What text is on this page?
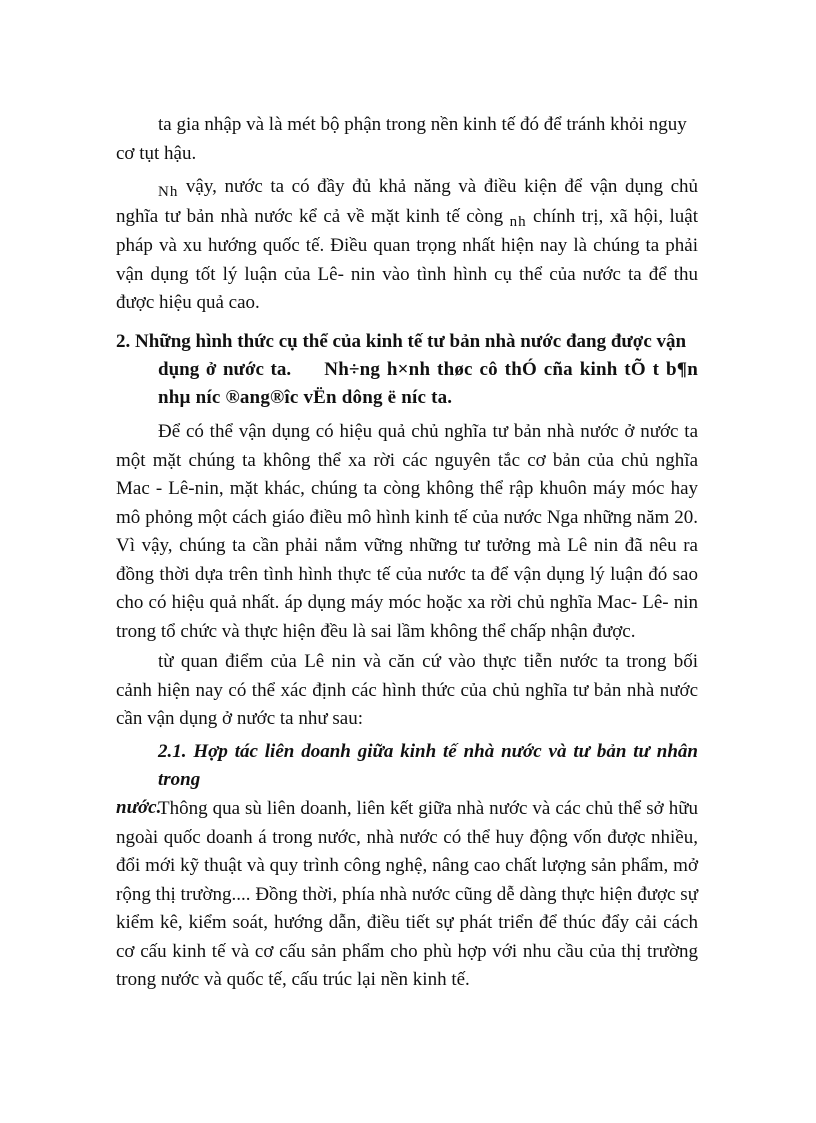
ta gia nhập và là mét bộ phận trong nền kinh tế đó để tránh khỏi nguy
cơ tụt hậu.
$_{Nh}$ vậy, nước ta có đầy đủ khả năng và điều kiện để vận dụng chủ nghĩa tư bản nhà nước kể cả về mặt kinh tế còng $_{nh}$ chính trị, xã hội, luật pháp và xu hướng quốc tế. Điều quan trọng nhất hiện nay là chúng ta phải vận dụng tốt lý luận của Lê- nin vào tình hình cụ thể của nước ta để thu được hiệu quả cao.
2. Những hình thức cụ thể của kinh tế tư bản nhà nước đang được vận
dụng ở nước ta. Nh÷ng h×nh thøc cô thÓ cña kinh tÕ t b¶n nhµ níc ®ang®îc vËn dông ë níc ta.
Để có thể vận dụng có hiệu quả chủ nghĩa tư bản nhà nước ở nước ta một mặt chúng ta không thể xa rời các nguyên tắc cơ bản của chủ nghĩa Mac - Lê-nin, mặt khác, chúng ta còng không thể rập khuôn máy móc hay mô phỏng một cách giáo điều mô hình kinh tế của nước Nga những năm 20. Vì vậy, chúng ta cần phải nắm vững những tư tưởng mà Lê nin đã nêu ra đồng thời dựa trên tình hình thực tế của nước ta để vận dụng lý luận đó sao cho có hiệu quả nhất. áp dụng máy móc hoặc xa rời chủ nghĩa Mac- Lê- nin trong tổ chức và thực hiện đều là sai lầm không thể chấp nhận được.
từ quan điểm của Lê nin và căn cứ vào thực tiễn nước ta trong bối cảnh hiện nay có thể xác định các hình thức của chủ nghĩa tư bản nhà nước cần vận dụng ở nước ta như sau:
2.1. Hợp tác liên doanh giữa kinh tế nhà nước và tư bản tư nhân trong
nước.
Thông qua sù liên doanh, liên kết giữa nhà nước và các chủ thể sở hữu ngoài quốc doanh á trong nước, nhà nước có thể huy động vốn được nhiều, đổi mới kỹ thuật và quy trình công nghệ, nâng cao chất lượng sản phẩm, mở rộng thị trường.... Đồng thời, phía nhà nước cũng dễ dàng thực hiện được sự kiểm kê, kiểm soát, hướng dẫn, điều tiết sự phát triển để thúc đẩy cải cách cơ cấu kinh tế và cơ cấu sản phẩm cho phù hợp với nhu cầu của thị trường trong nước và quốc tế, cấu trúc lại nền kinh tế.
